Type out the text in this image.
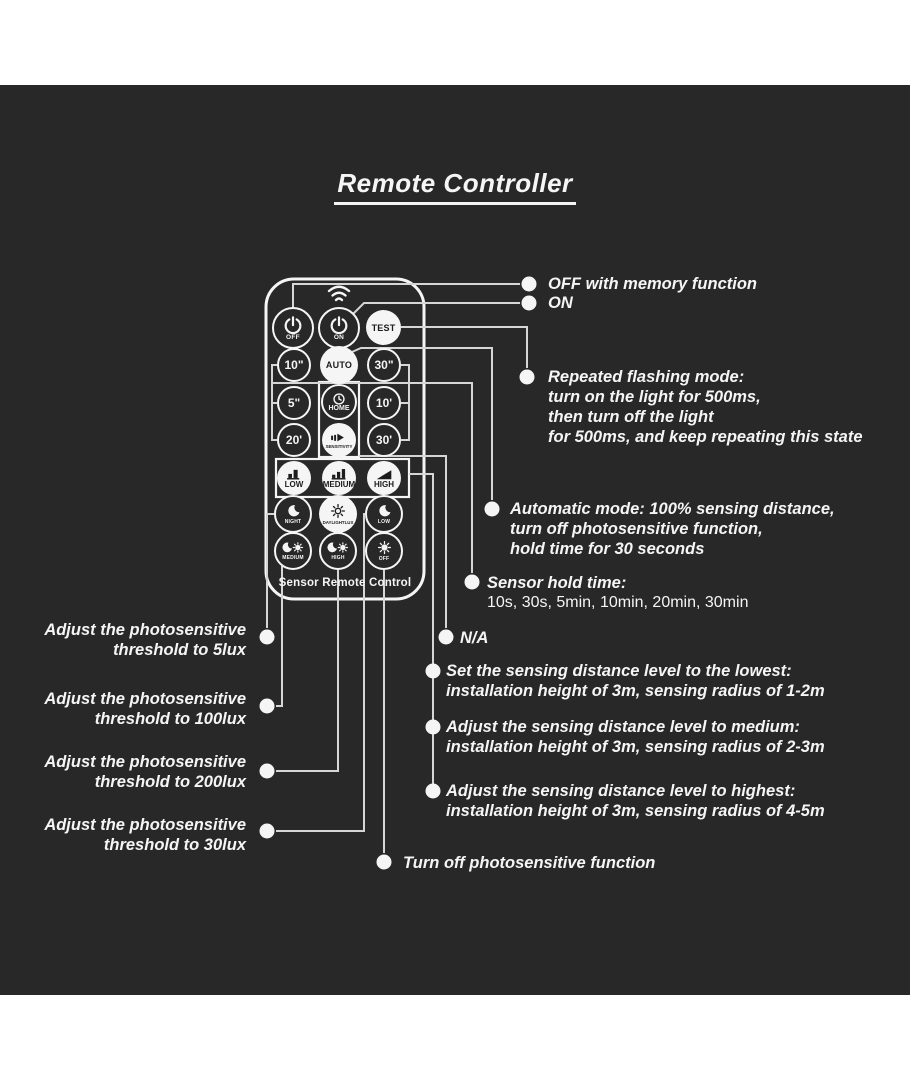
Remote Controller
OFF	ON
TEST
10" AUTO 30"
5"	HOME 10'
20'	SENSITIVITY 30'
LOW MEDIUM HIGH
NIGHT	DAYLIGHTLUX	LOW
MEDIUM	HIGH	OFF
Sensor Remote Control
OFF with memory function
ON
Repeated flashing mode:
turn on the light for 500ms,
then turn off the light
for 500ms, and keep repeating this state
Automatic mode: 100% sensing distance,
turn off photosensitive function,
hold time for 30 seconds
Sensor hold time:
10s, 30s, 5min, 10min, 20min, 30min
N/A
Set the sensing distance level to the lowest:
installation height of 3m, sensing radius of 1-2m
Adjust the sensing distance level to medium:
installation height of 3m, sensing radius of 2-3m
Adjust the sensing distance level to highest:
installation height of 3m, sensing radius of 4-5m
Turn off photosensitive function
Adjust the photosensitive
threshold to 5lux
Adjust the photosensitive
threshold to 100lux
Adjust the photosensitive
threshold to 200lux
Adjust the photosensitive
threshold to 30lux
